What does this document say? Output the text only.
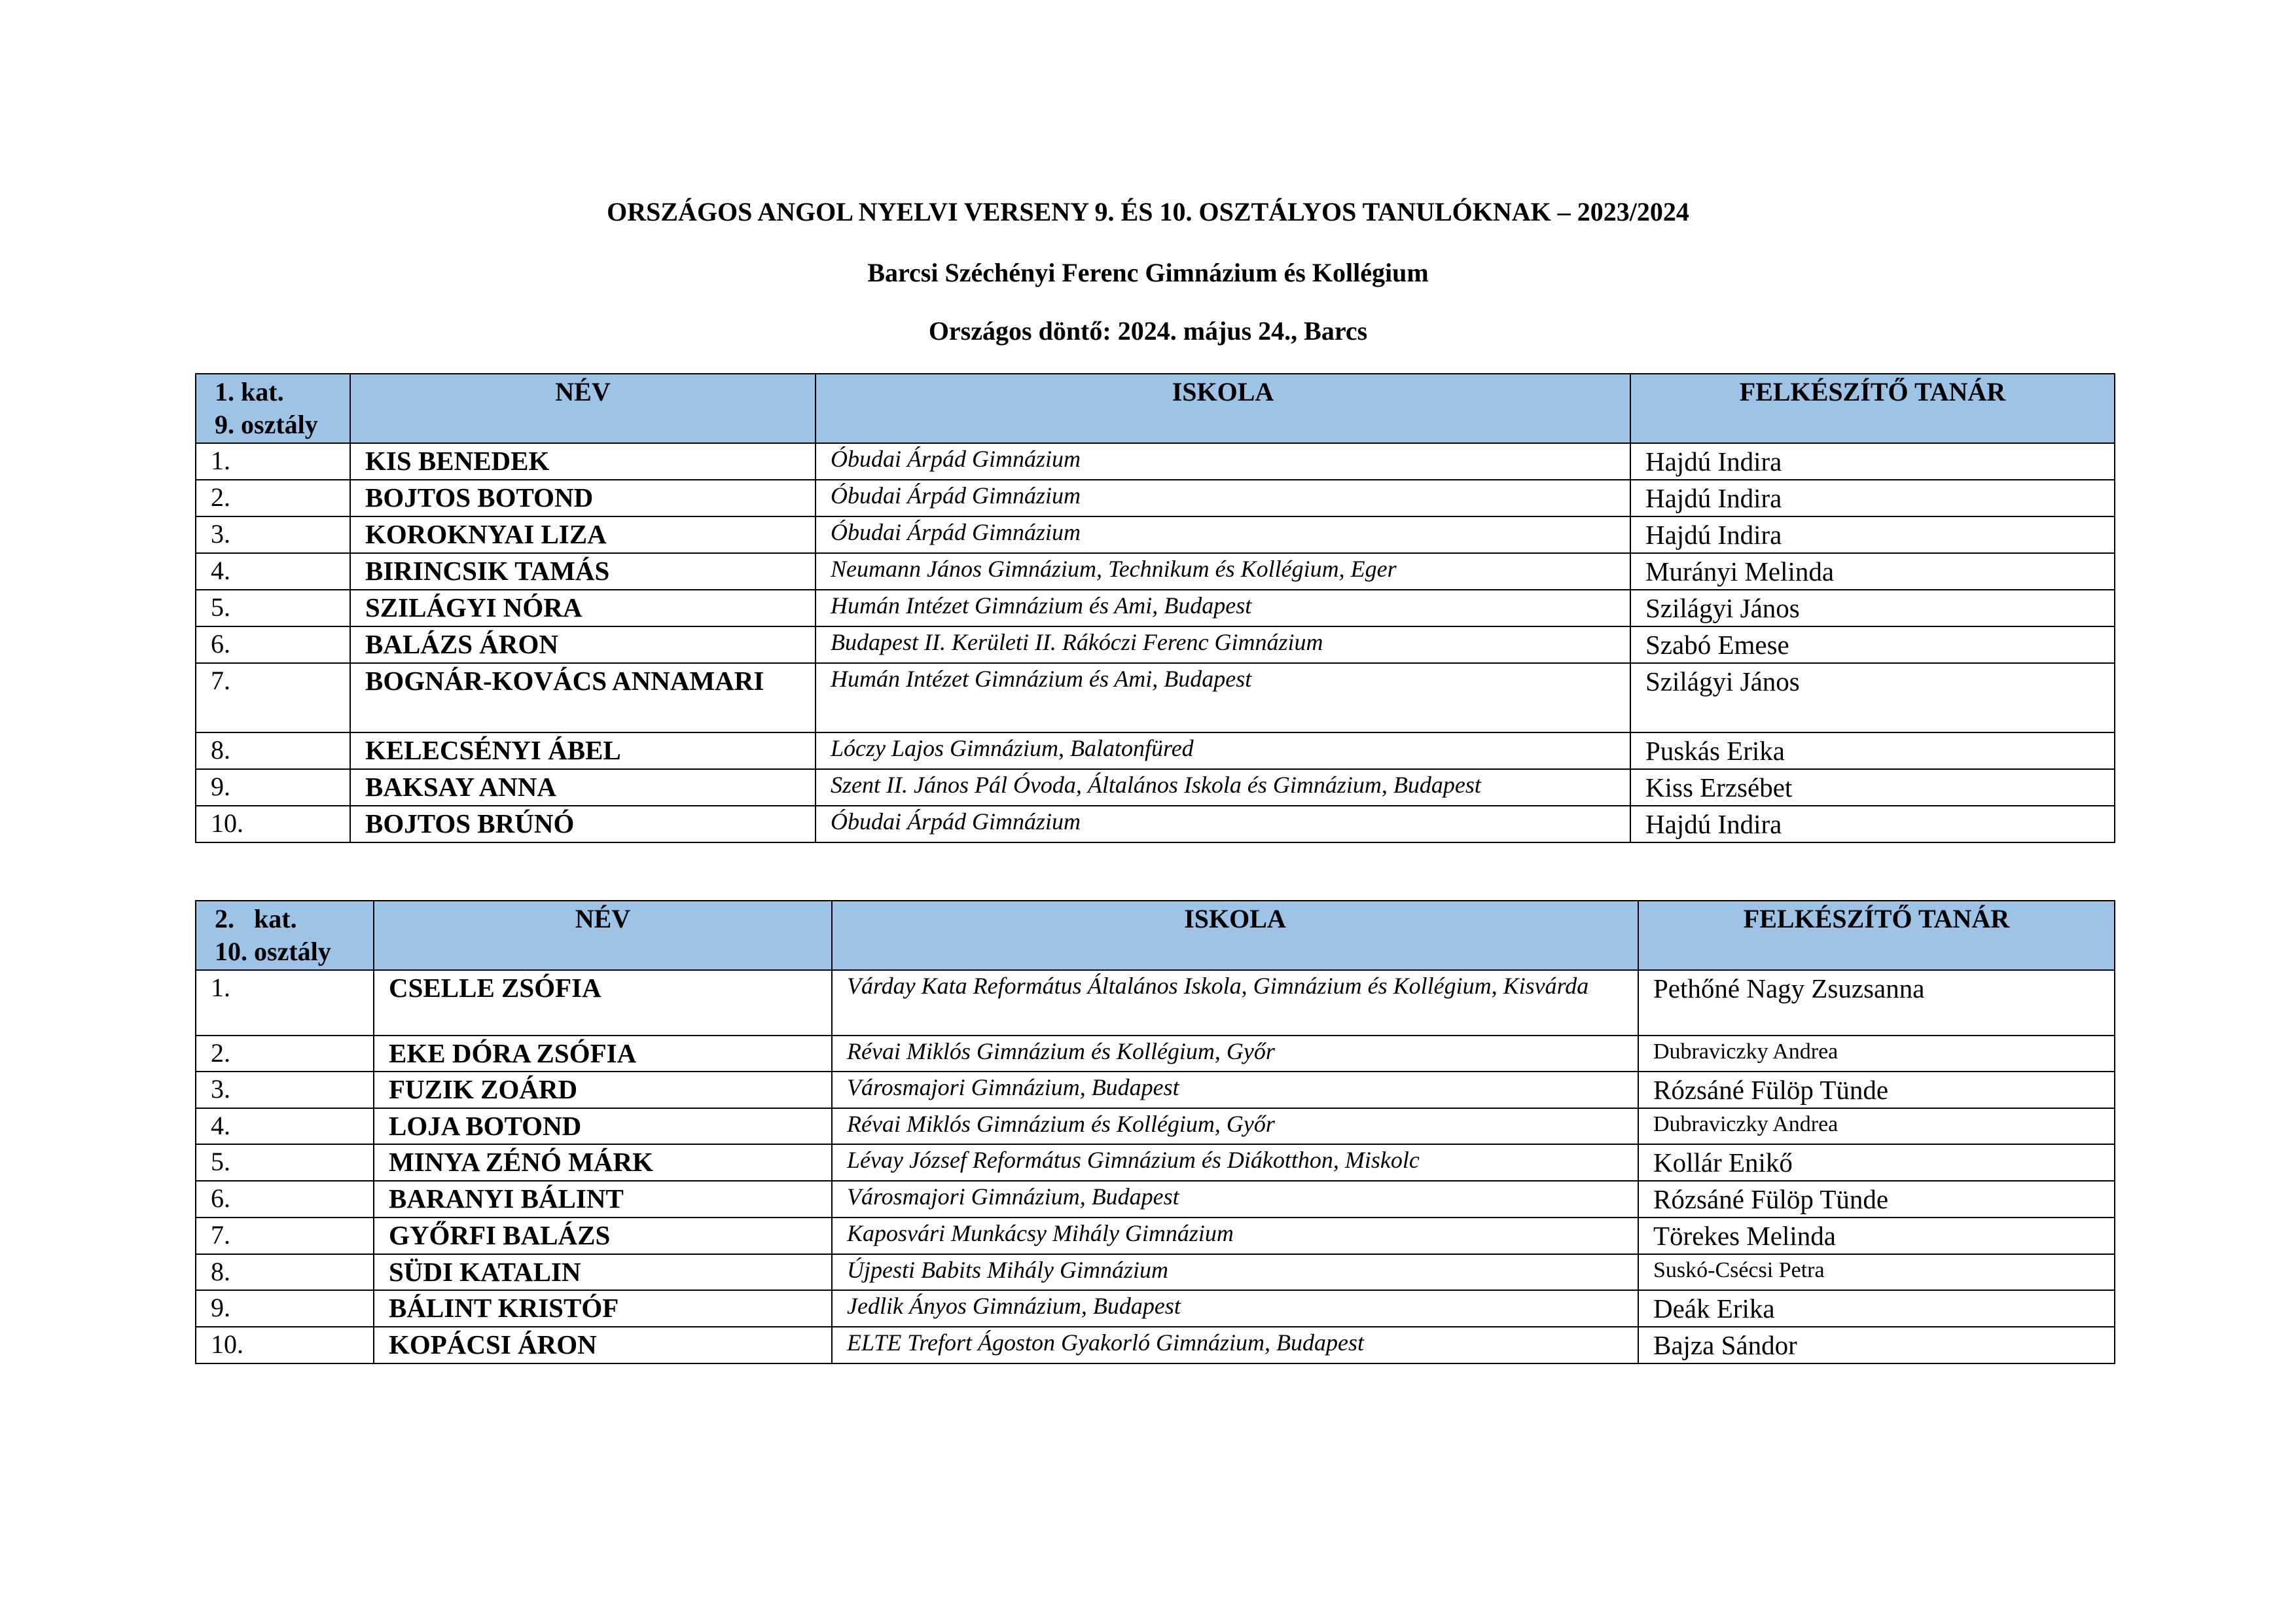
ORSZÁGOS ANGOL NYELVI VERSENY 9. ÉS 10. OSZTÁLYOS TANULÓKNAK – 2023/2024
Barcsi Széchényi Ferenc Gimnázium és Kollégium
Országos döntő: 2024. május 24., Barcs
1. kat.
9. osztály	NÉV	ISKOLA	FELKÉSZÍTŐ TANÁR
1.	KIS BENEDEK	Óbudai Árpád Gimnázium	Hajdú Indira
2.	BOJTOS BOTOND	Óbudai Árpád Gimnázium	Hajdú Indira
3.	KOROKNYAI LIZA	Óbudai Árpád Gimnázium	Hajdú Indira
4.	BIRINCSIK TAMÁS	Neumann János Gimnázium, Technikum és Kollégium, Eger	Murányi Melinda
5.	SZILÁGYI NÓRA	Humán Intézet Gimnázium és Ami, Budapest	Szilágyi János
6.	BALÁZS ÁRON	Budapest II. Kerületi II. Rákóczi Ferenc Gimnázium	Szabó Emese
7.	BOGNÁR-KOVÁCS ANNAMARI	Humán Intézet Gimnázium és Ami, Budapest	Szilágyi János
8.	KELECSÉNYI ÁBEL	Lóczy Lajos Gimnázium, Balatonfüred	Puskás Erika
9.	BAKSAY ANNA	Szent II. János Pál Óvoda, Általános Iskola és Gimnázium, Budapest	Kiss Erzsébet
10.	BOJTOS BRÚNÓ	Óbudai Árpád Gimnázium	Hajdú Indira
2.   kat.
10. osztály	NÉV	ISKOLA	FELKÉSZÍTŐ TANÁR
1.	CSELLE ZSÓFIA	Várday Kata Református Általános Iskola, Gimnázium és Kollégium, Kisvárda	Pethőné Nagy Zsuzsanna
2.	EKE DÓRA ZSÓFIA	Révai Miklós Gimnázium és Kollégium, Győr	Dubraviczky Andrea
3.	FUZIK ZOÁRD	Városmajori Gimnázium, Budapest	Rózsáné Fülöp Tünde
4.	LOJA BOTOND	Révai Miklós Gimnázium és Kollégium, Győr	Dubraviczky Andrea
5.	MINYA ZÉNÓ MÁRK	Lévay József Református Gimnázium és Diákotthon, Miskolc	Kollár Enikő
6.	BARANYI BÁLINT	Városmajori Gimnázium, Budapest	Rózsáné Fülöp Tünde
7.	GYŐRFI BALÁZS	Kaposvári Munkácsy Mihály Gimnázium	Törekes Melinda
8.	SÜDI KATALIN	Újpesti Babits Mihály Gimnázium	Suskó-Csécsi Petra
9.	BÁLINT KRISTÓF	Jedlik Ányos Gimnázium, Budapest	Deák Erika
10.	KOPÁCSI ÁRON	ELTE Trefort Ágoston Gyakorló Gimnázium, Budapest	Bajza Sándor
